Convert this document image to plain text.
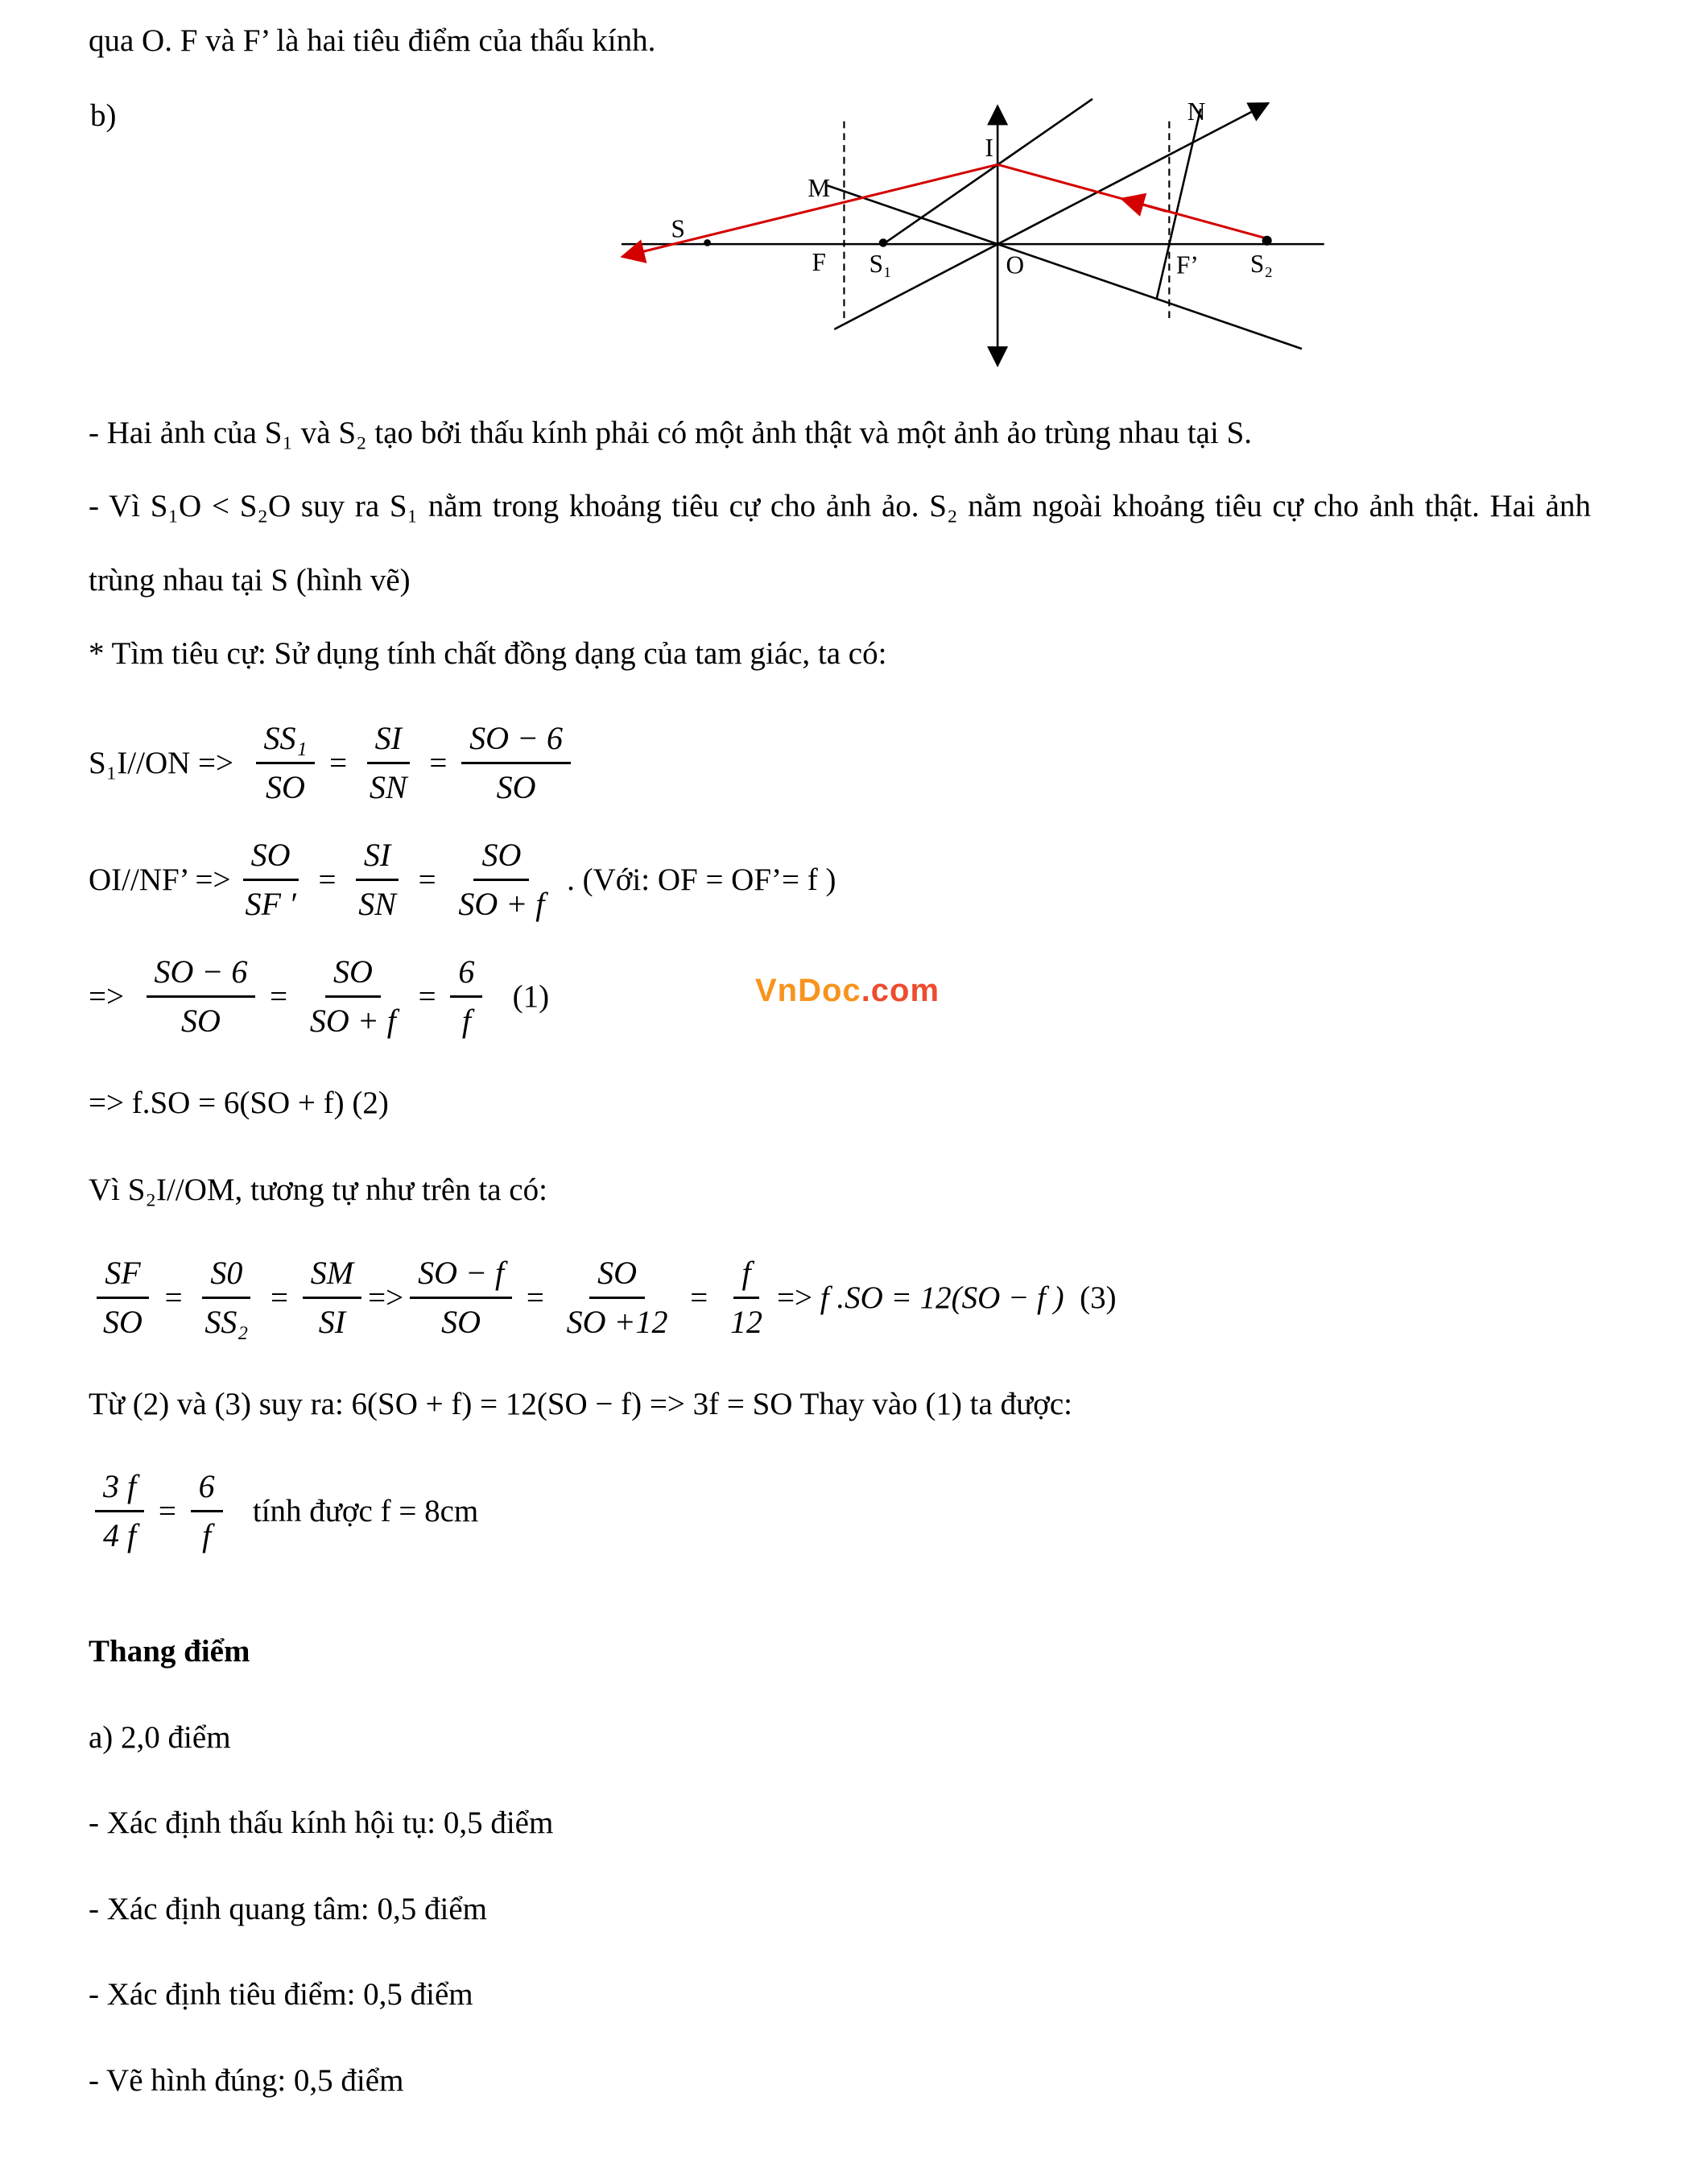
qua O. F và F’ là hai tiêu điểm của thấu kính.

b)
S
F S₁	O	F’ S₂
I
M
N

- Hai ảnh của S₁ và S₂ tạo bởi thấu kính phải có một ảnh thật và một ảnh ảo trùng nhau tại S.

- Vì S₁O < S₂O suy ra S₁ nằm trong khoảng tiêu cự cho ảnh ảo. S₂ nằm ngoài khoảng tiêu cự cho ảnh thật. Hai ảnh trùng nhau tại S (hình vẽ)

* Tìm tiêu cự: Sử dụng tính chất đồng dạng của tam giác, ta có:

$S_1I//ON => \frac{\text{SS₁}}{SO} = \frac{SI}{SN} = \frac{SO - 6}{SO}$
OI//NF’ => $\frac{SO}{SF '} = \frac{SI}{SN} = \frac{SO}{SO + f}$ . (Với: OF = OF’= f )
VnDoc.com
=> $\frac{SO - 6}{SO} = \frac{SO}{SO + f} = \frac{6}{f} (1)$

=> f.SO = 6(SO + f) (2)

Vì S₂I//OM, tương tự như trên ta có:

$\frac{SF}{SO} = \frac{S0}{\text{SS₂}} = \frac{SM}{SI} => \frac{SO - f}{SO} = \frac{SO}{SO +12} = \frac{f}{12} => f$ .SO = 12(SO − f ) (3)

Từ (2) và (3) suy ra: 6(SO + f) = 12(SO − f) => 3f = SO Thay vào (1) ta được:

$\frac{3 f}{4 f} = \frac{6}{f}$ tính được f = 8cm

Thang điểm

a) 2,0 điểm

- Xác định thấu kính hội tụ: 0,5 điểm

- Xác định quang tâm: 0,5 điểm

- Xác định tiêu điểm: 0,5 điểm

- Vẽ hình đúng: 0,5 điểm
